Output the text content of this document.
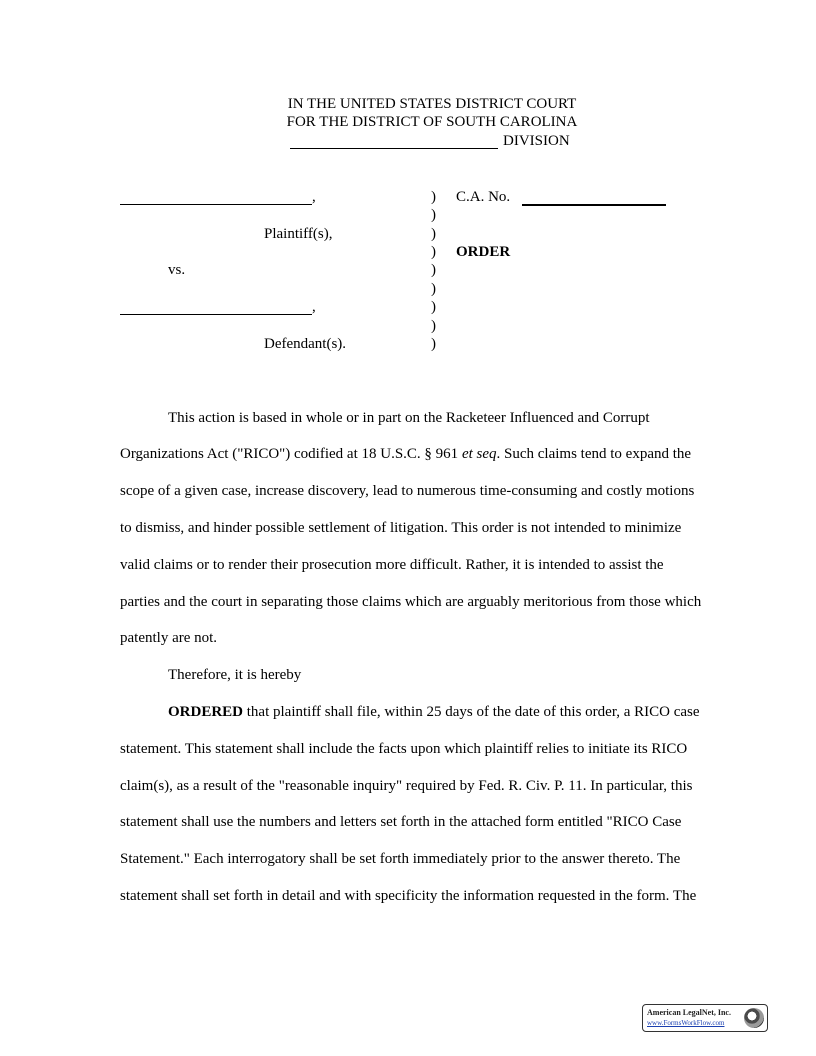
IN THE UNITED STATES DISTRICT COURT
FOR THE DISTRICT OF SOUTH CAROLINA
DIVISION
,
Plaintiff(s),
vs.
,
Defendant(s).
)
)
)
)
)
)
)
)
)
C.A. No.
ORDER
This action is based in whole or in part on the Racketeer Influenced and Corrupt
Organizations Act ("RICO") codified at 18 U.S.C. § 961 et seq. Such claims tend to expand the
scope of a given case, increase discovery, lead to numerous time-consuming and costly motions
to dismiss, and hinder possible settlement of litigation. This order is not intended to minimize
valid claims or to render their prosecution more difficult. Rather, it is intended to assist the
parties and the court in separating those claims which are arguably meritorious from those which
patently are not.
Therefore, it is hereby
ORDERED that plaintiff shall file, within 25 days of the date of this order, a RICO case
statement. This statement shall include the facts upon which plaintiff relies to initiate its RICO
claim(s), as a result of the "reasonable inquiry" required by Fed. R. Civ. P. 11. In particular, this
statement shall use the numbers and letters set forth in the attached form entitled "RICO Case
Statement." Each interrogatory shall be set forth immediately prior to the answer thereto. The
statement shall set forth in detail and with specificity the information requested in the form. The
American LegalNet, Inc.
www.FormsWorkFlow.com
